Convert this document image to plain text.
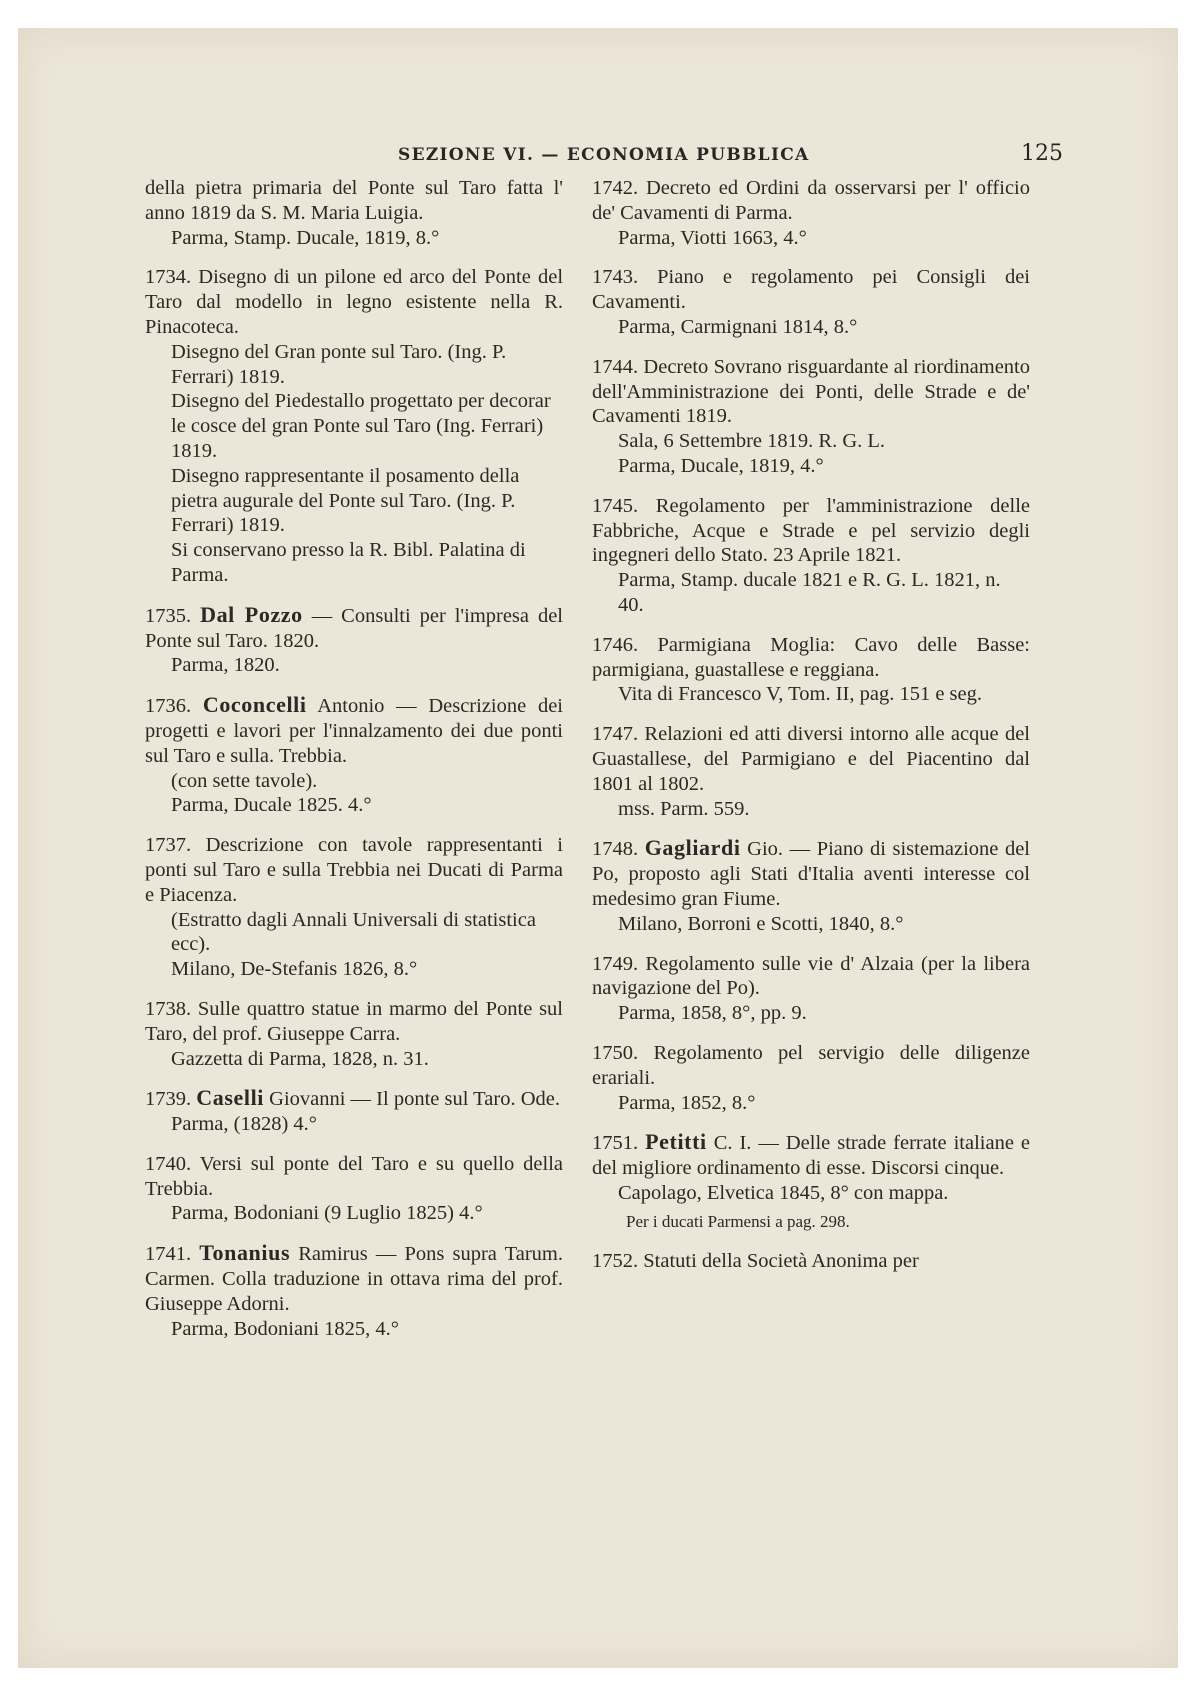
SEZIONE VI. — ECONOMIA PUBBLICA	125
della pietra primaria del Ponte sul Taro fatta l' anno 1819 da S. M. Maria Luigia.
Parma, Stamp. Ducale, 1819, 8.°
1734. Disegno di un pilone ed arco del Ponte del Taro dal modello in legno esistente nella R. Pinacoteca.
Disegno del Gran ponte sul Taro. (Ing. P. Ferrari) 1819.
Disegno del Piedestallo progettato per decorar le cosce del gran Ponte sul Taro (Ing. Ferrari) 1819.
Disegno rappresentante il posamento della pietra augurale del Ponte sul Taro. (Ing. P. Ferrari) 1819.
Si conservano presso la R. Bibl. Palatina di Parma.
1735. Dal Pozzo — Consulti per l'impresa del Ponte sul Taro. 1820.
Parma, 1820.
1736. Coconcelli Antonio — Descrizione dei progetti e lavori per l'innalzamento dei due ponti sul Taro e sulla. Trebbia.
(con sette tavole).
Parma, Ducale 1825. 4.°
1737. Descrizione con tavole rappresentanti i ponti sul Taro e sulla Trebbia nei Ducati di Parma e Piacenza.
(Estratto dagli Annali Universali di statistica ecc).
Milano, De-Stefanis 1826, 8.°
1738. Sulle quattro statue in marmo del Ponte sul Taro, del prof. Giuseppe Carra.
Gazzetta di Parma, 1828, n. 31.
1739. Caselli Giovanni — Il ponte sul Taro. Ode.
Parma, (1828) 4.°
1740. Versi sul ponte del Taro e su quello della Trebbia.
Parma, Bodoniani (9 Luglio 1825) 4.°
1741. Tonanius Ramirus — Pons supra Tarum. Carmen. Colla traduzione in ottava rima del prof. Giuseppe Adorni.
Parma, Bodoniani 1825, 4.°
1742. Decreto ed Ordini da osservarsi per l' officio de' Cavamenti di Parma.
Parma, Viotti 1663, 4.°
1743. Piano e regolamento pei Consigli dei Cavamenti.
Parma, Carmignani 1814, 8.°
1744. Decreto Sovrano risguardante al riordinamento dell'Amministrazione dei Ponti, delle Strade e de' Cavamenti 1819.
Sala, 6 Settembre 1819. R. G. L.
Parma, Ducale, 1819, 4.°
1745. Regolamento per l'amministrazione delle Fabbriche, Acque e Strade e pel servizio degli ingegneri dello Stato. 23 Aprile 1821.
Parma, Stamp. ducale 1821 e R. G. L. 1821, n. 40.
1746. Parmigiana Moglia: Cavo delle Basse: parmigiana, guastallese e reggiana.
Vita di Francesco V, Tom. II, pag. 151 e seg.
1747. Relazioni ed atti diversi intorno alle acque del Guastallese, del Parmigiano e del Piacentino dal 1801 al 1802.
mss. Parm. 559.
1748. Gagliardi Gio. — Piano di sistemazione del Po, proposto agli Stati d'Italia aventi interesse col medesimo gran Fiume.
Milano, Borroni e Scotti, 1840, 8.°
1749. Regolamento sulle vie d' Alzaia (per la libera navigazione del Po).
Parma, 1858, 8°, pp. 9.
1750. Regolamento pel servigio delle diligenze erariali.
Parma, 1852, 8.°
1751. Petitti C. I. — Delle strade ferrate italiane e del migliore ordinamento di esse. Discorsi cinque.
Capolago, Elvetica 1845, 8° con mappa.
Per i ducati Parmensi a pag. 298.
1752. Statuti della Società Anonima per
